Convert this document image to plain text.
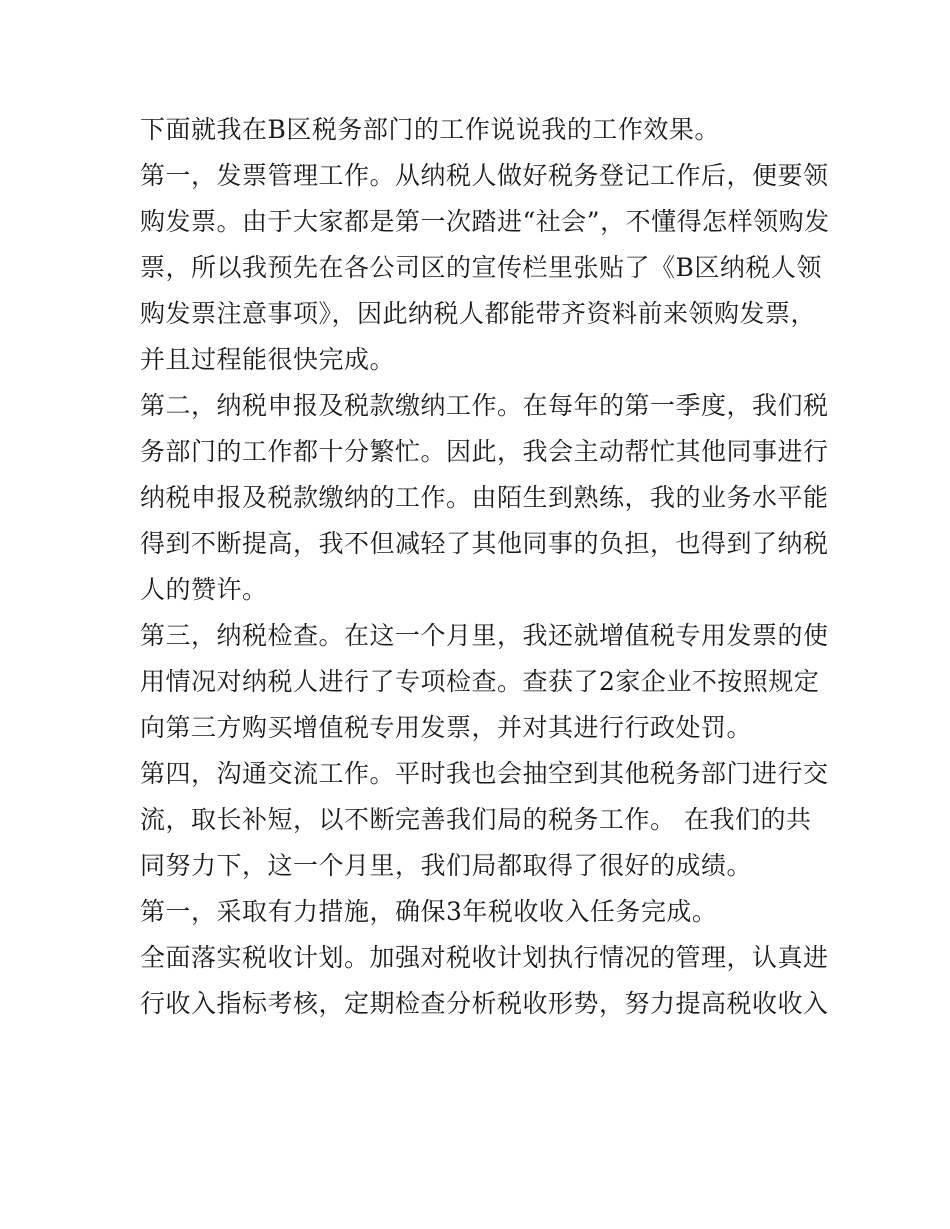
下面就我在B区税务部门的工作说说我的工作效果。
第一，发票管理工作。从纳税人做好税务登记工作后，便要领
购发票。由于大家都是第一次踏进“社会”，不懂得怎样领购发
票，所以我预先在各公司区的宣传栏里张贴了《B区纳税人领
购发票注意事项》，因此纳税人都能带齐资料前来领购发票，
并且过程能很快完成。
第二，纳税申报及税款缴纳工作。在每年的第一季度，我们税
务部门的工作都十分繁忙。因此，我会主动帮忙其他同事进行
纳税申报及税款缴纳的工作。由陌生到熟练，我的业务水平能
得到不断提高，我不但减轻了其他同事的负担，也得到了纳税
人的赞许。
第三，纳税检查。在这一个月里，我还就增值税专用发票的使
用情况对纳税人进行了专项检查。查获了2家企业不按照规定
向第三方购买增值税专用发票，并对其进行行政处罚。
第四，沟通交流工作。平时我也会抽空到其他税务部门进行交
流，取长补短，以不断完善我们局的税务工作。 在我们的共
同努力下，这一个月里，我们局都取得了很好的成绩。
第一，采取有力措施，确保3年税收收入任务完成。
全面落实税收计划。加强对税收计划执行情况的管理，认真进
行收入指标考核，定期检查分析税收形势，努力提高税收收入
